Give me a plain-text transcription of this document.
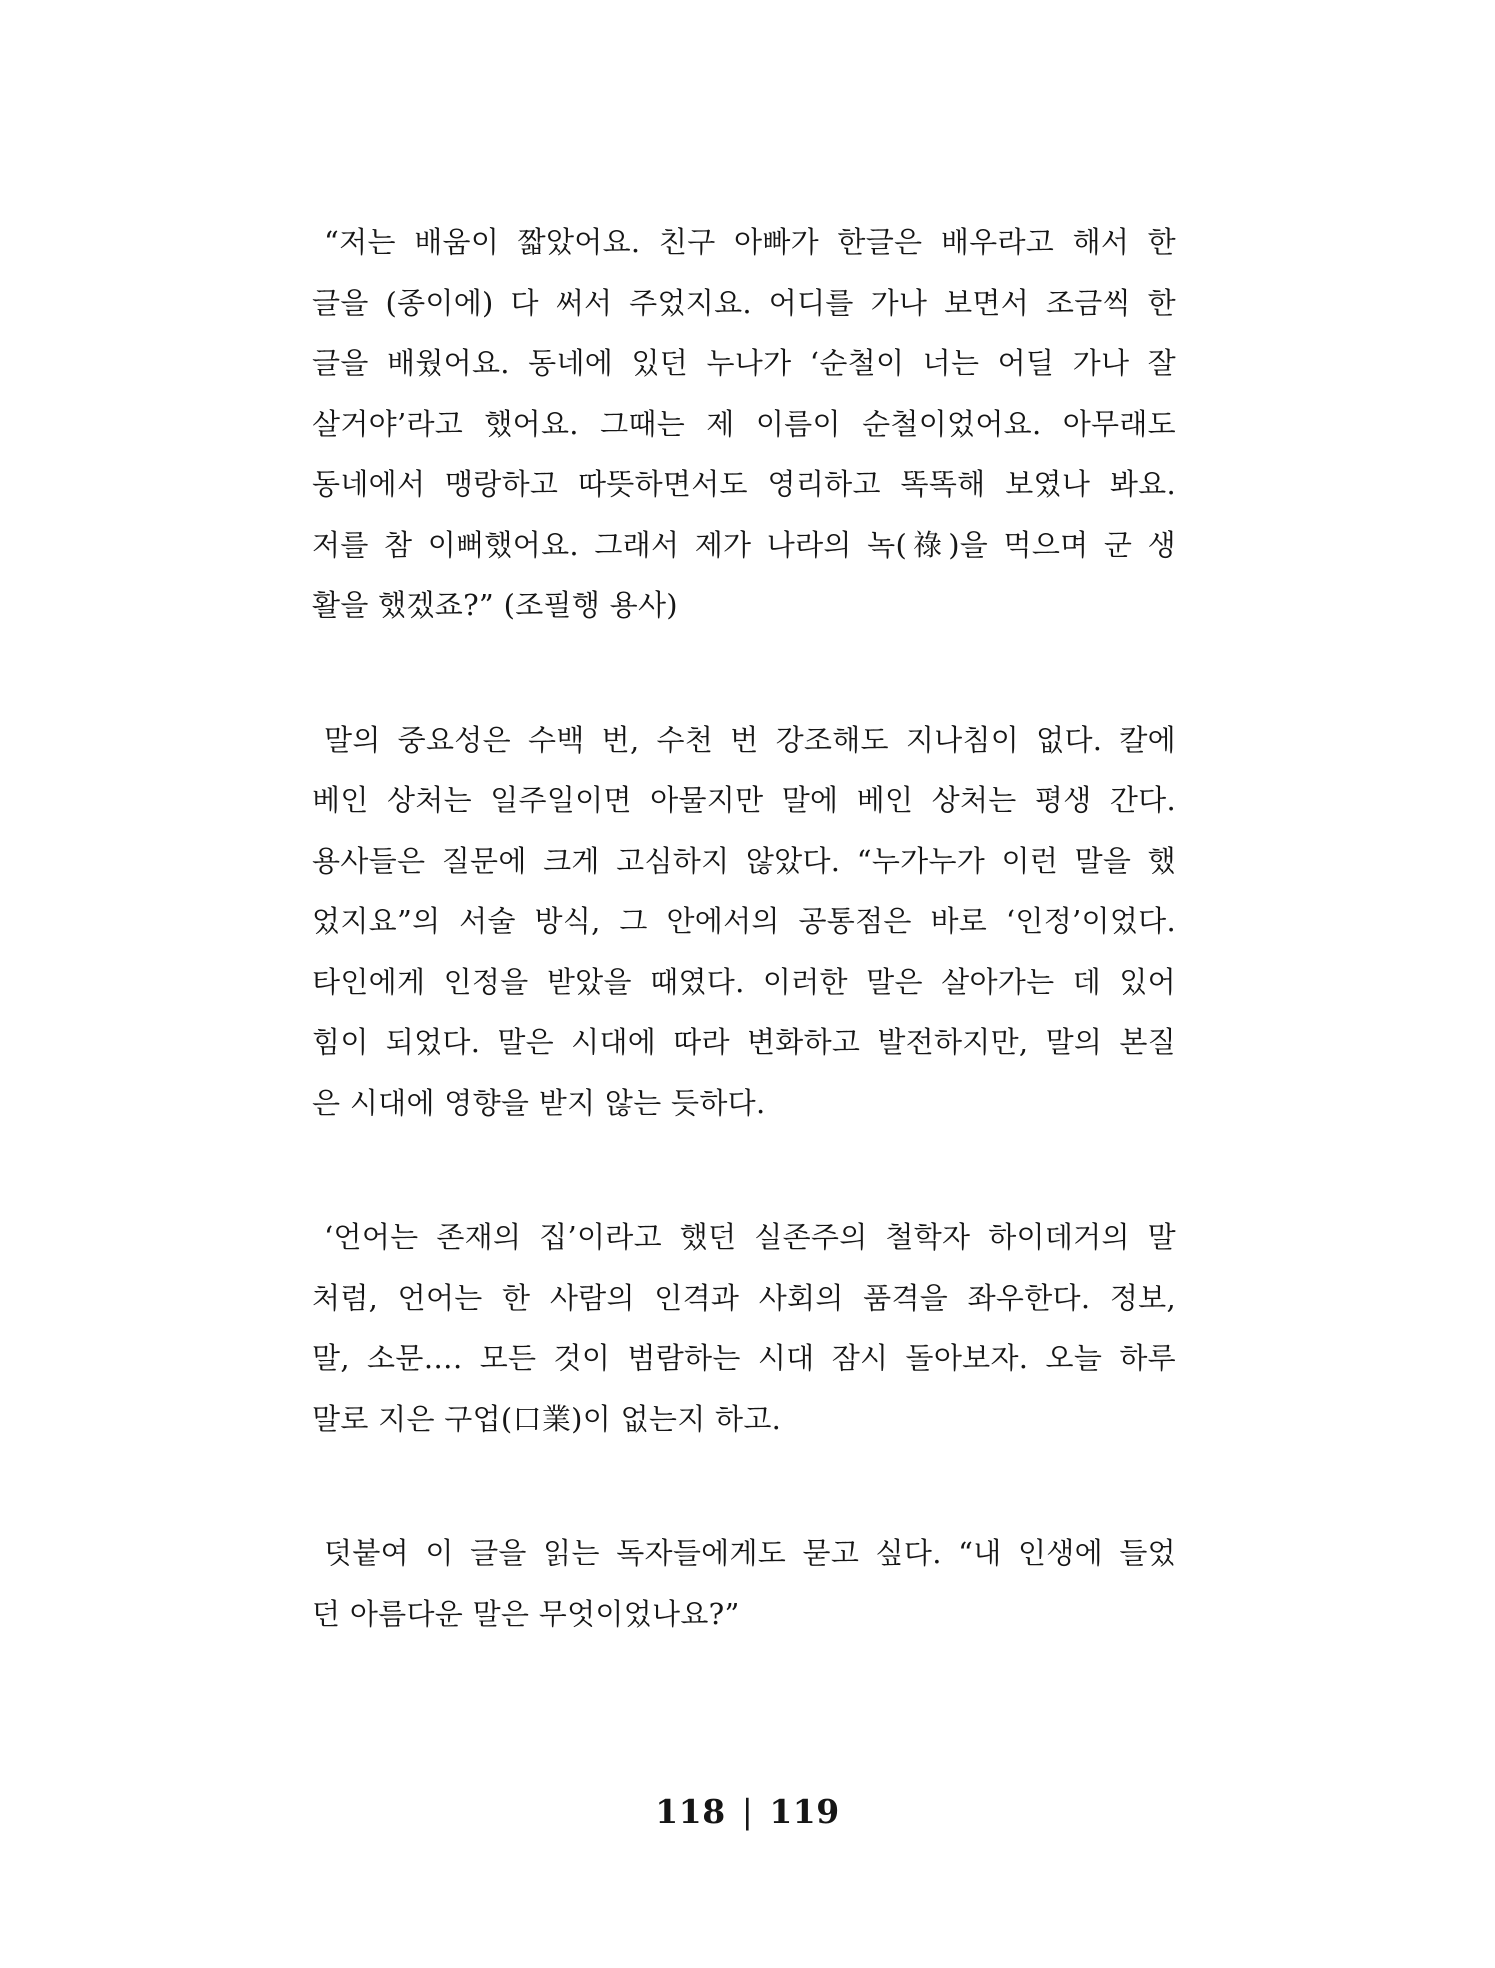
“저는 배움이 짧았어요. 친구 아빠가 한글은 배우라고 해서 한
글을 (종이에) 다 써서 주었지요. 어디를 가나 보면서 조금씩 한
글을 배웠어요. 동네에 있던 누나가 ‘순철이 너는 어딜 가나 잘
살거야’라고 했어요. 그때는 제 이름이 순철이었어요. 아무래도
동네에서 맹랑하고 따뜻하면서도 영리하고 똑똑해 보였나 봐요.
저를 참 이뻐했어요. 그래서 제가 나라의 녹(祿)을 먹으며 군 생
활을 했겠죠?” (조필행 용사)

말의 중요성은 수백 번, 수천 번 강조해도 지나침이 없다. 칼에
베인 상처는 일주일이면 아물지만 말에 베인 상처는 평생 간다.
용사들은 질문에 크게 고심하지 않았다. “누가누가 이런 말을 했
었지요”의 서술 방식, 그 안에서의 공통점은 바로 ‘인정’이었다.
타인에게 인정을 받았을 때였다. 이러한 말은 살아가는 데 있어
힘이 되었다. 말은 시대에 따라 변화하고 발전하지만, 말의 본질
은 시대에 영향을 받지 않는 듯하다.

‘언어는 존재의 집’이라고 했던 실존주의 철학자 하이데거의 말
처럼, 언어는 한 사람의 인격과 사회의 품격을 좌우한다. 정보,
말, 소문…. 모든 것이 범람하는 시대 잠시 돌아보자. 오늘 하루
말로 지은 구업(口業)이 없는지 하고.

덧붙여 이 글을 읽는 독자들에게도 묻고 싶다. “내 인생에 들었
던 아름다운 말은 무엇이었나요?”

118 | 119
